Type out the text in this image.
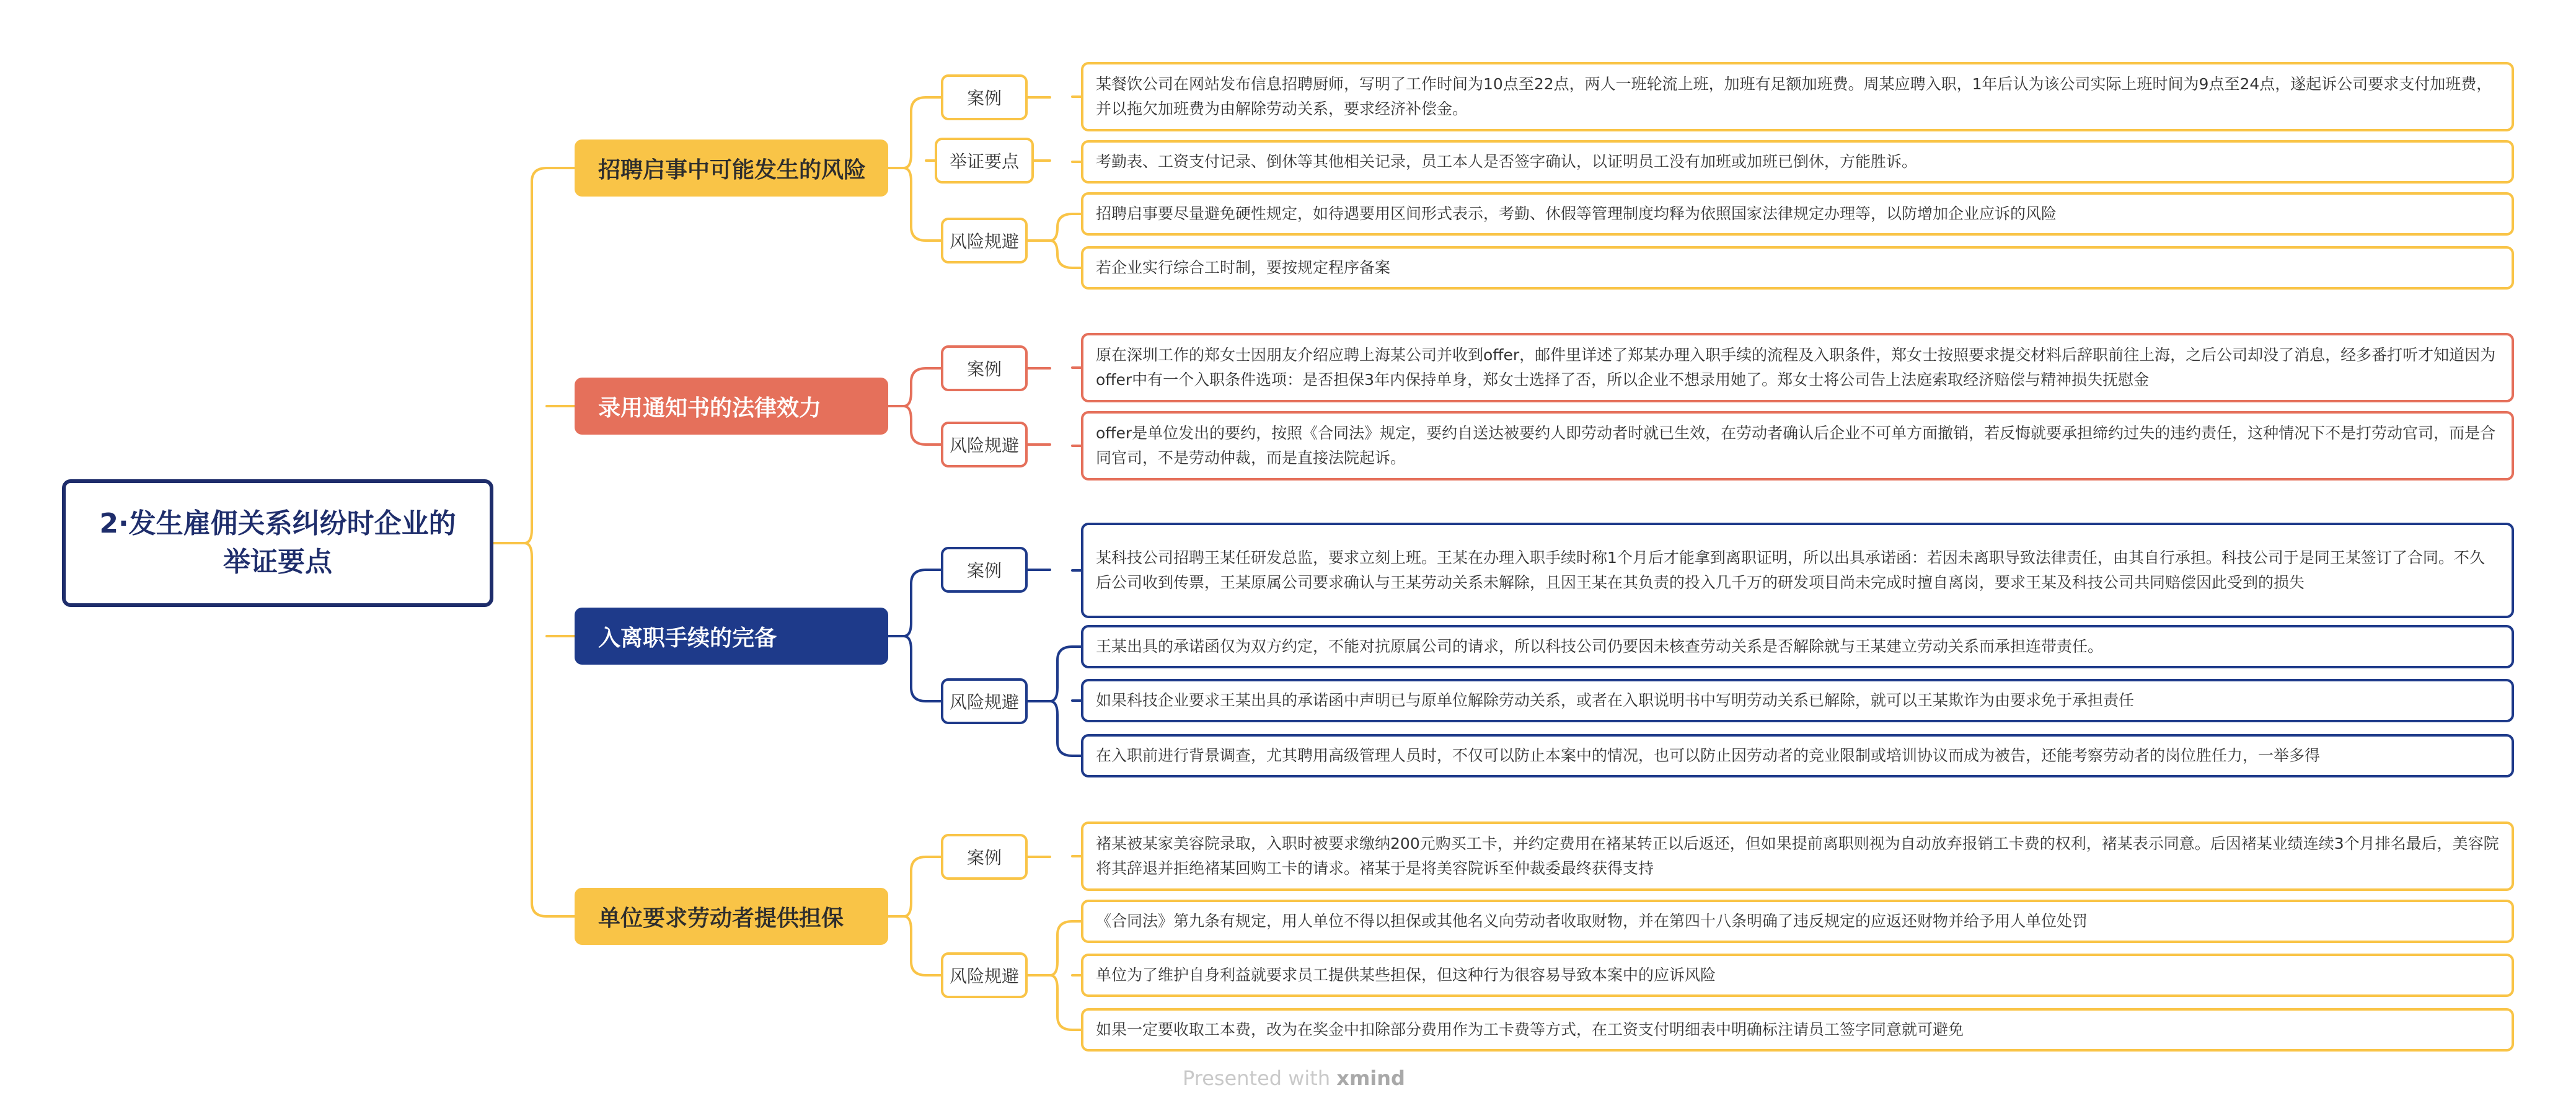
2·发生雇佣关系纠纷时企业的举证要点
招聘启事中可能发生的风险
案例
举证要点
风险规避
某餐饮公司在网站发布信息招聘厨师，写明了工作时间为10点至22点，两人一班轮流上班，加班有足额加班费。周某应聘入职，1年后认为该公司实际上班时间为9点至24点，遂起诉公司要求支付加班费，并以拖欠加班费为由解除劳动关系，要求经济补偿金。
考勤表、工资支付记录、倒休等其他相关记录，员工本人是否签字确认，以证明员工没有加班或加班已倒休，方能胜诉。
招聘启事要尽量避免硬性规定，如待遇要用区间形式表示，考勤、休假等管理制度均释为依照国家法律规定办理等，以防增加企业应诉的风险
若企业实行综合工时制，要按规定程序备案
录用通知书的法律效力
案例
风险规避
原在深圳工作的郑女士因朋友介绍应聘上海某公司并收到offer，邮件里详述了郑某办理入职手续的流程及入职条件，郑女士按照要求提交材料后辞职前往上海，之后公司却没了消息，经多番打听才知道因为offer中有一个入职条件选项：是否担保3年内保持单身，郑女士选择了否，所以企业不想录用她了。郑女士将公司告上法庭索取经济赔偿与精神损失抚慰金
offer是单位发出的要约，按照《合同法》规定，要约自送达被要约人即劳动者时就已生效，在劳动者确认后企业不可单方面撤销，若反悔就要承担缔约过失的违约责任，这种情况下不是打劳动官司，而是合同官司，不是劳动仲裁，而是直接法院起诉。
入离职手续的完备
案例
风险规避
某科技公司招聘王某任研发总监，要求立刻上班。王某在办理入职手续时称1个月后才能拿到离职证明，所以出具承诺函：若因未离职导致法律责任，由其自行承担。科技公司于是同王某签订了合同。不久后公司收到传票，王某原属公司要求确认与王某劳动关系未解除，且因王某在其负责的投入几千万的研发项目尚未完成时擅自离岗，要求王某及科技公司共同赔偿因此受到的损失
王某出具的承诺函仅为双方约定，不能对抗原属公司的请求，所以科技公司仍要因未核查劳动关系是否解除就与王某建立劳动关系而承担连带责任。
如果科技企业要求王某出具的承诺函中声明已与原单位解除劳动关系，或者在入职说明书中写明劳动关系已解除，就可以王某欺诈为由要求免于承担责任
在入职前进行背景调查，尤其聘用高级管理人员时，不仅可以防止本案中的情况，也可以防止因劳动者的竞业限制或培训协议而成为被告，还能考察劳动者的岗位胜任力，一举多得
单位要求劳动者提供担保
案例
风险规避
褚某被某家美容院录取，入职时被要求缴纳200元购买工卡，并约定费用在褚某转正以后返还，但如果提前离职则视为自动放弃报销工卡费的权利，褚某表示同意。后因褚某业绩连续3个月排名最后，美容院将其辞退并拒绝褚某回购工卡的请求。褚某于是将美容院诉至仲裁委最终获得支持
《合同法》第九条有规定，用人单位不得以担保或其他名义向劳动者收取财物，并在第四十八条明确了违反规定的应返还财物并给予用人单位处罚
单位为了维护自身利益就要求员工提供某些担保，但这种行为很容易导致本案中的应诉风险
如果一定要收取工本费，改为在奖金中扣除部分费用作为工卡费等方式，在工资支付明细表中明确标注请员工签字同意就可避免
Presented with xmind
